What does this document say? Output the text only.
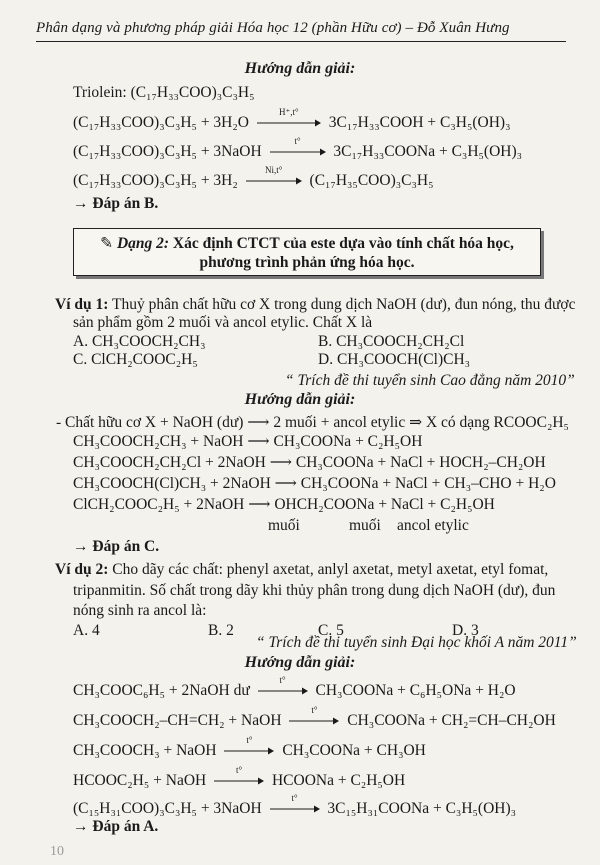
Phân dạng và phương pháp giải Hóa học 12 (phần Hữu cơ) – Đỗ Xuân Hưng
Hướng dẫn giải:
Triolein: (C₁₇H₃₃COO)₃C₃H₅
(C₁₇H₃₃COO)₃C₃H₅ + 3H₂O
H⁺,t°
3C₁₇H₃₃COOH + C₃H₅(OH)₃
(C₁₇H₃₃COO)₃C₃H₅ + 3NaOH
t°
3C₁₇H₃₃COONa + C₃H₅(OH)₃
(C₁₇H₃₃COO)₃C₃H₅ + 3H₂
Ni,t°
(C₁₇H₃₅COO)₃C₃H₅
→ Đáp án B.
✎ Dạng 2: Xác định CTCT của este dựa vào tính chất hóa học,
phương trình phản ứng hóa học.
Ví dụ 1: Thuỷ phân chất hữu cơ X trong dung dịch NaOH (dư), đun nóng, thu được
sản phẩm gồm 2 muối và ancol etylic. Chất X là
A. CH₃COOCH₂CH₃	B. CH₃COOCH₂CH₂Cl
C. ClCH₂COOC₂H₅	D. CH₃COOCH(Cl)CH₃
“ Trích đề thi tuyển sinh Cao đẳng năm 2010”
Hướng dẫn giải:
- Chất hữu cơ X + NaOH (dư) ⟶ 2 muối + ancol etylic ⇒ X có dạng RCOOC₂H₅
CH₃COOCH₂CH₃ + NaOH ⟶ CH₃COONa + C₂H₅OH
CH₃COOCH₂CH₂Cl + 2NaOH ⟶ CH₃COONa + NaCl + HOCH₂–CH₂OH
CH₃COOCH(Cl)CH₃ + 2NaOH ⟶ CH₃COONa + NaCl + CH₃–CHO + H₂O
ClCH₂COOC₂H₅ + 2NaOH ⟶ OHCH₂COONa + NaCl + C₂H₅OH
muối	muối ancol etylic
→ Đáp án C.
Ví dụ 2: Cho dãy các chất: phenyl axetat, anlyl axetat, metyl axetat, etyl fomat,
tripanmitin. Số chất trong dãy khi thủy phân trong dung dịch NaOH (dư), đun
nóng sinh ra ancol là:
A. 4	B. 2	C. 5	D. 3
“ Trích đề thi tuyển sinh Đại học khối A năm 2011”
Hướng dẫn giải:
CH₃COOC₆H₅ + 2NaOH dư
t°
CH₃COONa + C₆H₅ONa + H₂O
CH₃COOCH₂–CH=CH₂ + NaOH
t°
CH₃COONa + CH₂=CH–CH₂OH
CH₃COOCH₃ + NaOH
t°
CH₃COONa + CH₃OH
HCOOC₂H₅ + NaOH
t°
HCOONa + C₂H₅OH
(C₁₅H₃₁COO)₃C₃H₅ + 3NaOH
t°
3C₁₅H₃₁COONa + C₃H₅(OH)₃
→ Đáp án A.
10
